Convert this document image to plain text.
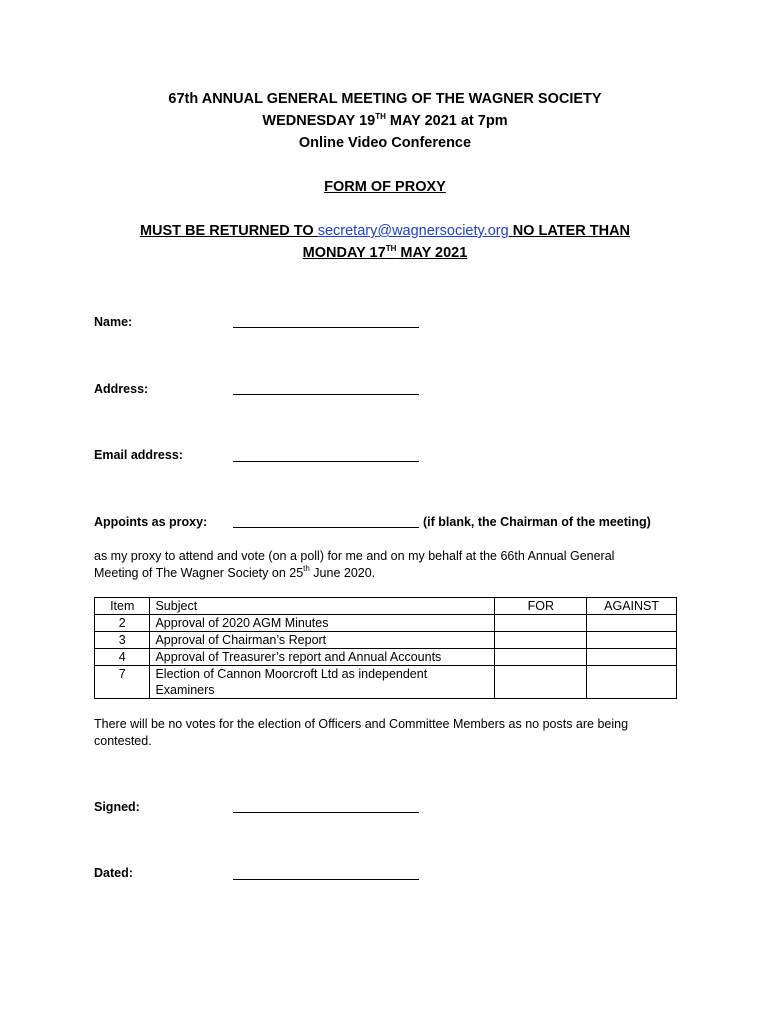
67th ANNUAL GENERAL MEETING OF THE WAGNER SOCIETY
WEDNESDAY 19TH MAY 2021 at 7pm
Online Video Conference
FORM OF PROXY
MUST BE RETURNED TO secretary@wagnersociety.org NO LATER THAN
MONDAY 17TH MAY 2021
Name:
Address:
Email address:
Appoints as proxy:	(if blank, the Chairman of the meeting)
as my proxy to attend and vote (on a poll) for me and on my behalf at the 66th Annual General Meeting of The Wagner Society on 25th June 2020.
Item	Subject	FOR	AGAINST
2	Approval of 2020 AGM Minutes		
3	Approval of Chairman’s Report		
4	Approval of Treasurer’s report and Annual Accounts		
7	Election of Cannon Moorcroft Ltd as independent Examiners		
There will be no votes for the election of Officers and Committee Members as no posts are being contested.
Signed:
Dated:
